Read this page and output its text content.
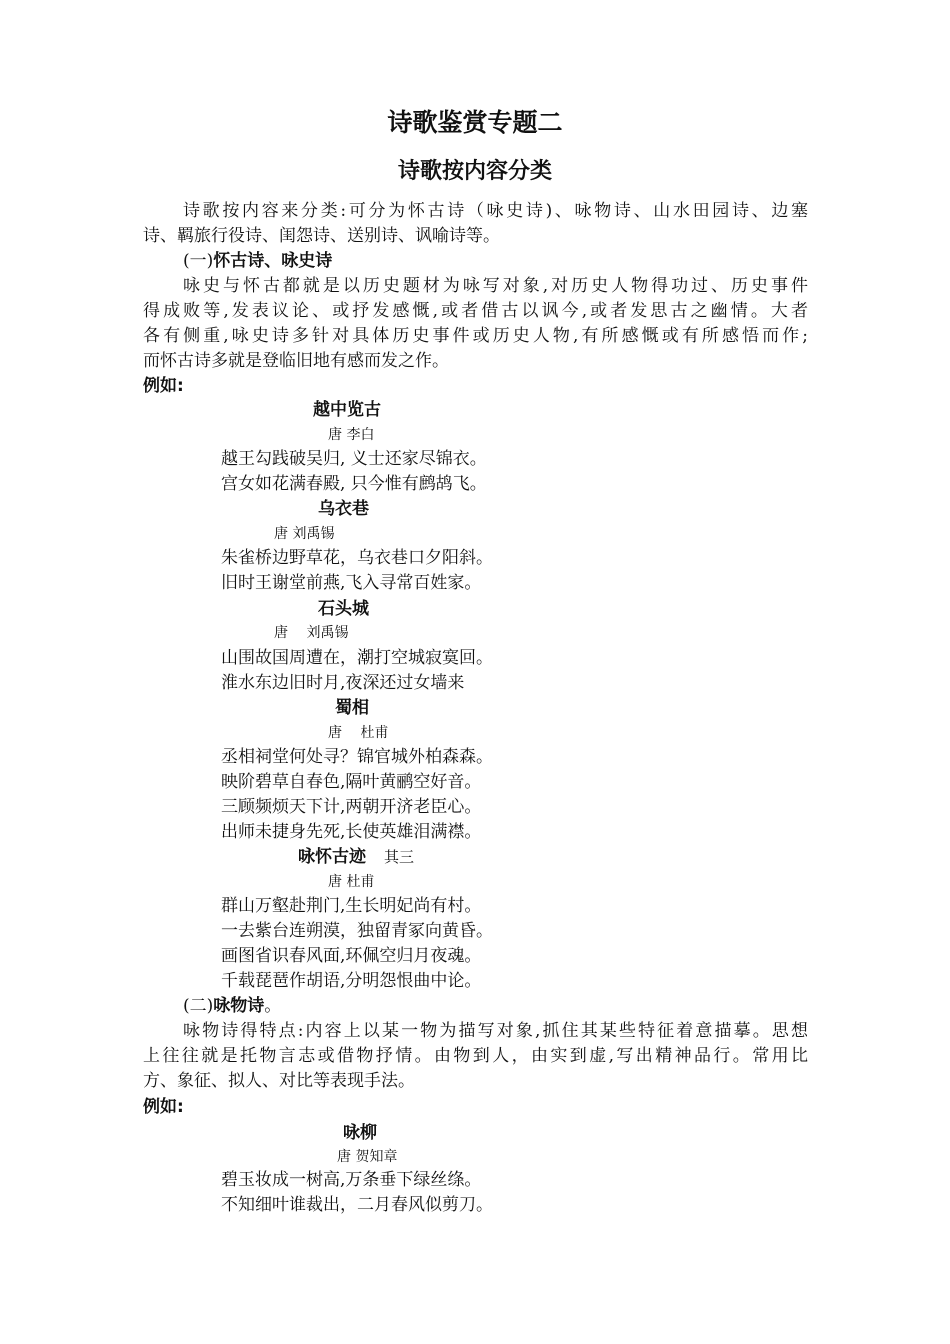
诗歌鉴赏专题二
诗歌按内容分类
诗歌按内容来分类:可分为怀古诗（咏史诗)、咏物诗、山水田园诗、边塞
诗、羁旅行役诗、闺怨诗、送别诗、讽喻诗等。
(一)怀古诗、咏史诗
咏史与怀古都就是以历史题材为咏写对象,对历史人物得功过、历史事件
得成败等,发表议论、或抒发感慨,或者借古以讽今,或者发思古之幽情。大者
各有侧重,咏史诗多针对具体历史事件或历史人物,有所感慨或有所感悟而作;
而怀古诗多就是登临旧地有感而发之作。
例如:
越中览古
唐 李白
越王勾践破吴归, 义士还家尽锦衣。
宫女如花满春殿, 只今惟有鹧鸪飞。
乌衣巷
唐 刘禹锡
朱雀桥边野草花，乌衣巷口夕阳斜。
旧时王谢堂前燕,飞入寻常百姓家。
石头城
唐　 刘禹锡
山围故国周遭在，潮打空城寂寞回。
淮水东边旧时月,夜深还过女墙来
蜀相
唐　 杜甫
丞相祠堂何处寻？锦官城外柏森森。
映阶碧草自春色,隔叶黄鹂空好音。
三顾频烦天下计,两朝开济老臣心。
出师未捷身先死,长使英雄泪满襟。
咏怀古迹 其三
唐 杜甫
群山万壑赴荆门,生长明妃尚有村。
一去紫台连朔漠，独留青冢向黄昏。
画图省识春风面,环佩空归月夜魂。
千载琵琶作胡语,分明怨恨曲中论。
(二)咏物诗。
咏物诗得特点:内容上以某一物为描写对象,抓住其某些特征着意描摹。思想
上往往就是托物言志或借物抒情。由物到人，由实到虚,写出精神品行。常用比
方、象征、拟人、对比等表现手法。
例如:
咏柳
唐 贺知章
碧玉妆成一树高,万条垂下绿丝绦。
不知细叶谁裁出，二月春风似剪刀。
